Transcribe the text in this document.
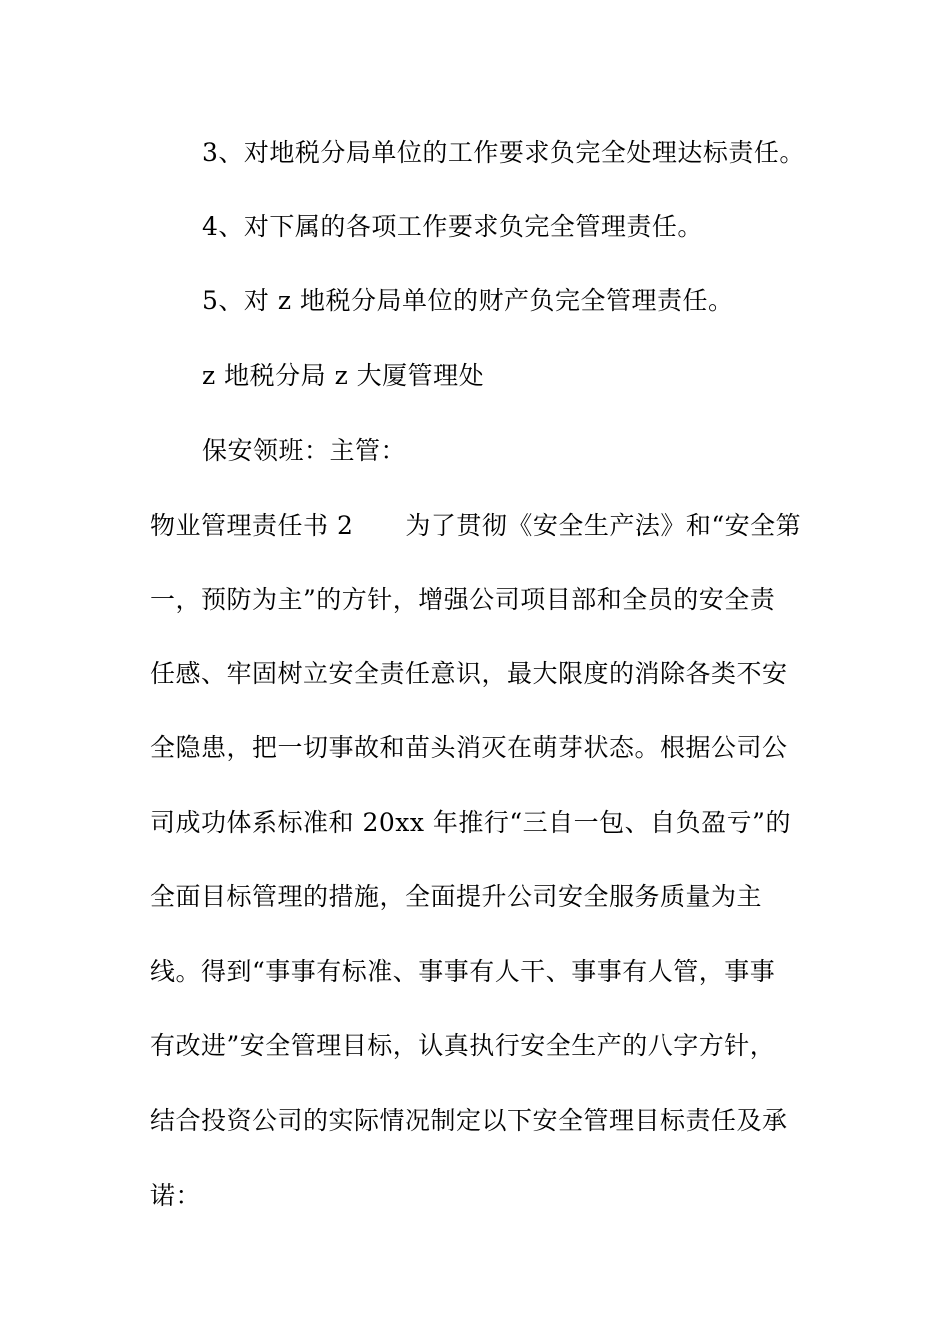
3、对地税分局单位的工作要求负完全处理达标责任。
4、对下属的各项工作要求负完全管理责任。
5、对 z 地税分局单位的财产负完全管理责任。
z 地税分局 z 大厦管理处
保安领班：主管：
物业管理责任书 2 为了贯彻《安全生产法》和“安全第
一，预防为主”的方针，增强公司项目部和全员的安全责
任感、牢固树立安全责任意识，最大限度的消除各类不安
全隐患，把一切事故和苗头消灭在萌芽状态。根据公司公
司成功体系标准和 20xx 年推行“三自一包、自负盈亏”的
全面目标管理的措施，全面提升公司安全服务质量为主
线。得到“事事有标准、事事有人干、事事有人管，事事
有改进”安全管理目标，认真执行安全生产的八字方针，
结合投资公司的实际情况制定以下安全管理目标责任及承
诺：
